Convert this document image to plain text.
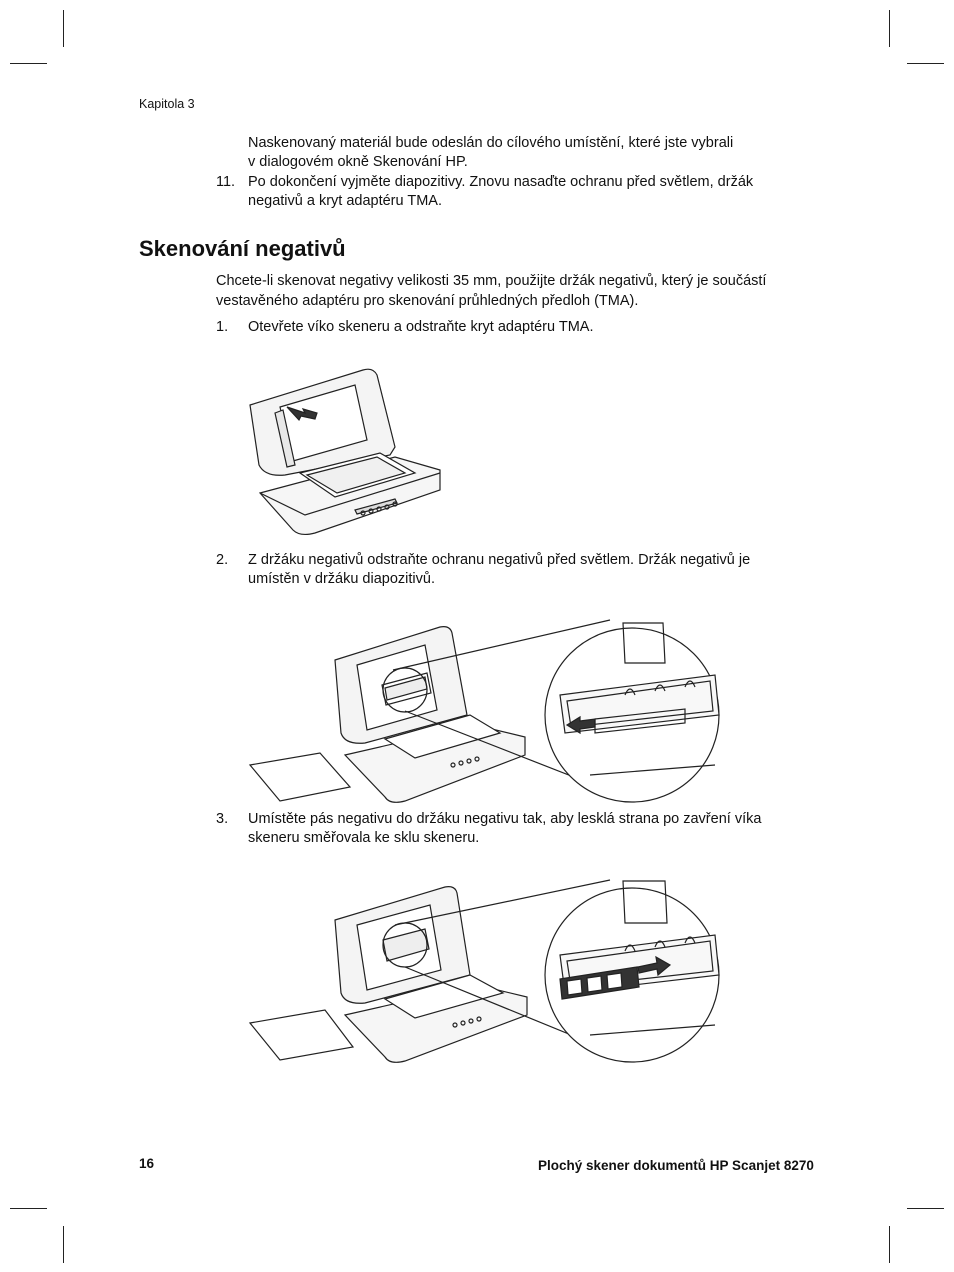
Kapitola 3
Naskenovaný materiál bude odeslán do cílového umístění, které jste vybrali
v dialogovém okně Skenování HP.
11. Po dokončení vyjměte diapozitivy. Znovu nasaďte ochranu před světlem, držák
negativů a kryt adaptéru TMA.
Skenování negativů
Chcete-li skenovat negativy velikosti 35 mm, použijte držák negativů, který je součástí
vestavěného adaptéru pro skenování průhledných předloh (TMA).
1. Otevřete víko skeneru a odstraňte kryt adaptéru TMA.
2. Z držáku negativů odstraňte ochranu negativů před světlem. Držák negativů je
umístěn v držáku diapozitivů.
3. Umístěte pás negativu do držáku negativu tak, aby lesklá strana po zavření víka
skeneru směřovala ke sklu skeneru.
16	Plochý skener dokumentů HP Scanjet 8270
